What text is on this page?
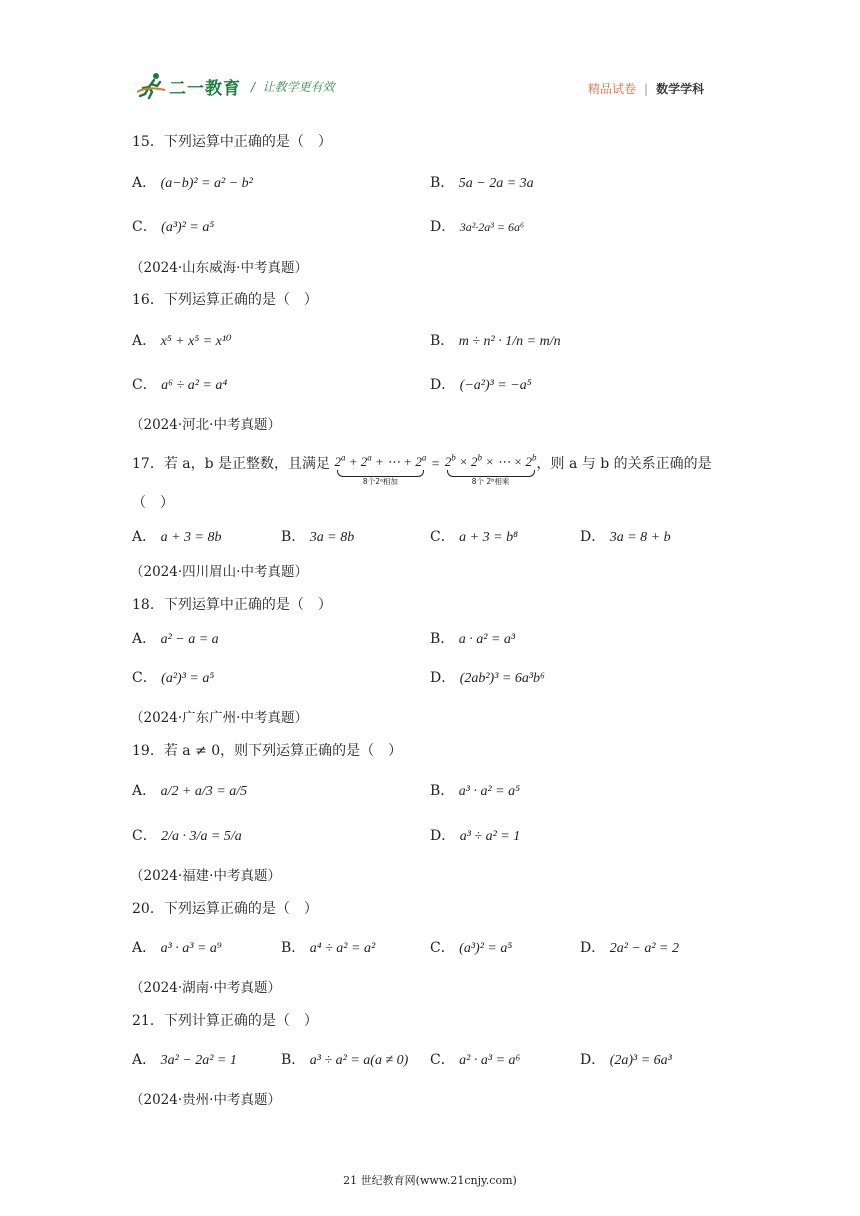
二一教育 /  让教学更有效	精品试卷 | 数学学科
15．下列运算中正确的是（　）
A． (a−b)² = a² − b²	B． 5a − 2a = 3a
C． (a³)² = a⁵	D． 3a²·2a³ = 6a⁶
（2024·山东威海·中考真题）
16．下列运算正确的是（　）
A． x⁵ + x⁵ = x¹⁰	B． m ÷ n² · 1/n = m/n
C． a⁶ ÷ a² = a⁴	D． (−a²)³ = −a⁵
（2024·河北·中考真题）
17．若 a，b 是正整数，且满足 $2^a + 2^a$ + ⋯ + $2^a$
8个2ᵃ相加
= $2^b \times 2^b$ × ⋯ × $2^b$
8个 2ᵇ相乘
，则 a 与 b 的关系正确的是
（　）
A． a + 3 = 8b	B． 3a = 8b	C． a + 3 = b⁸	D． 3a = 8 + b
（2024·四川眉山·中考真题）
18．下列运算中正确的是（　）
A． a² − a = a	B． a · a² = a³
C． (a²)³ = a⁵	D． (2ab²)³ = 6a³b⁶
（2024·广东广州·中考真题）
19．若 a ≠ 0，则下列运算正确的是（　）
A． a/2 + a/3 = a/5	B． a³ · a² = a⁵
C． 2/a · 3/a = 5/a	D． a³ ÷ a² = 1
（2024·福建·中考真题）
20．下列运算正确的是（　）
A． a³ · a³ = a⁹	B． a⁴ ÷ a² = a²	C． (a³)² = a⁵	D． 2a² − a² = 2
（2024·湖南·中考真题）
21．下列计算正确的是（　）
A． 3a² − 2a² = 1	B． a³ ÷ a² = a(a ≠ 0) C． a² · a³ = a⁶	D． (2a)³ = 6a³
（2024·贵州·中考真题）
21 世纪教育网(www.21cnjy.com)
